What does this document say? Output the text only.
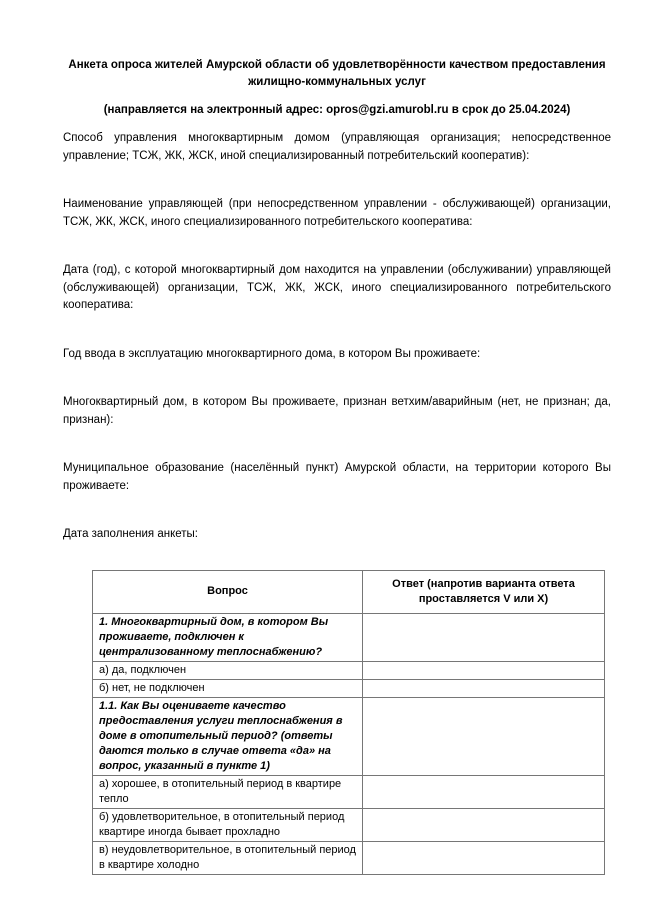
Анкета опроса жителей Амурской области об удовлетворённости качеством предоставления жилищно-коммунальных услуг
(направляется на электронный адрес: opros@gzi.amurobl.ru в срок до 25.04.2024)

Способ управления многоквартирным домом (управляющая организация; непосредственное управление; ТСЖ, ЖК, ЖСК, иной специализированный потребительский кооператив):

Наименование управляющей (при непосредственном управлении - обслуживающей) организации, ТСЖ, ЖК, ЖСК, иного специализированного потребительского кооператива:

Дата (год), с которой многоквартирный дом находится на управлении (обслуживании) управляющей (обслуживающей) организации, ТСЖ, ЖК, ЖСК, иного специализированного потребительского кооператива:

Год ввода в эксплуатацию многоквартирного дома, в котором Вы проживаете:

Многоквартирный дом, в котором Вы проживаете, признан ветхим/аварийным (нет, не признан; да, признан):

Муниципальное образование (населённый пункт) Амурской области, на территории которого Вы проживаете:

Дата заполнения анкеты:

Вопрос	Ответ (напротив варианта ответа проставляется V или X)
1. Многоквартирный дом, в котором Вы проживаете, подключен к централизованному теплоснабжению?	
а) да, подключен	
б) нет, не подключен	
1.1. Как Вы оцениваете качество предоставления услуги теплоснабжения в доме в отопительный период? (ответы даются только в случае ответа «да» на вопрос, указанный в пункте 1)	
а) хорошее, в отопительный период в квартире тепло	
б) удовлетворительное, в отопительный период квартире иногда бывает прохладно	
в) неудовлетворительное, в отопительный период в квартире холодно	
